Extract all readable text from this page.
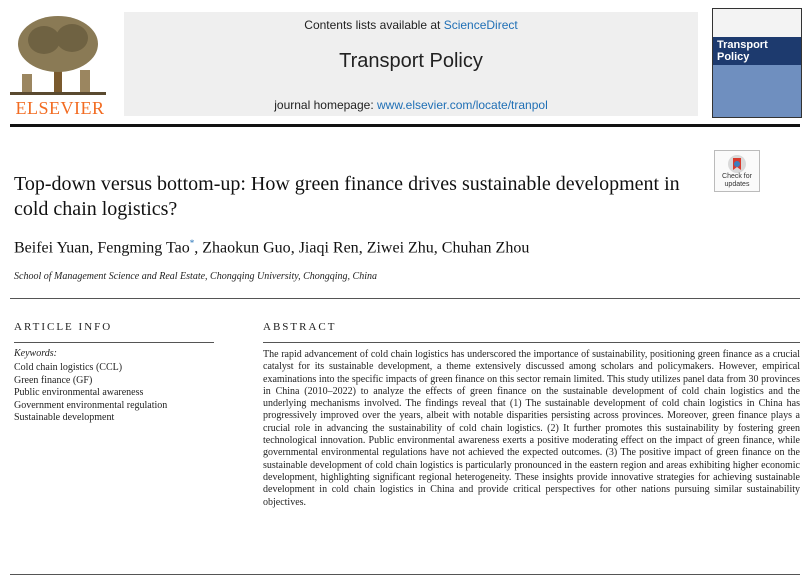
ELSEVIER
Contents lists available at ScienceDirect
Transport Policy
journal homepage: www.elsevier.com/locate/tranpol
Transport Policy
Check for updates
Top-down versus bottom-up: How green finance drives sustainable development in cold chain logistics?
Beifei Yuan, Fengming Tao*, Zhaokun Guo, Jiaqi Ren, Ziwei Zhu, Chuhan Zhou
School of Management Science and Real Estate, Chongqing University, Chongqing, China
ARTICLE INFO
Keywords:
Cold chain logistics (CCL)
Green finance (GF)
Public environmental awareness
Government environmental regulation
Sustainable development
ABSTRACT
The rapid advancement of cold chain logistics has underscored the importance of sustainability, positioning green finance as a crucial catalyst for its sustainable development, a theme extensively discussed among scholars and policymakers. However, empirical examinations into the specific impacts of green finance on this sector remain limited. This study utilizes panel data from 30 provinces in China (2010–2022) to analyze the effects of green finance on the sustainable development of cold chain logistics and the underlying mechanisms involved. The findings reveal that (1) The sustainable development of cold chain logistics in China has progressively improved over the years, albeit with notable disparities persisting across provinces. Moreover, green finance plays a crucial role in advancing the sustainability of cold chain logistics. (2) It further promotes this sustainability by fostering green technological innovation. Public environmental awareness exerts a positive moderating effect on the impact of green finance, while governmental environmental regulations have not achieved the expected outcomes. (3) The positive impact of green finance on the sustainable development of cold chain logistics is particularly pronounced in the eastern region and areas exhibiting higher economic development, highlighting significant regional heterogeneity. These insights provide innovative strategies for achieving sustainable development in cold chain logistics in China and provide critical perspectives for other nations pursuing similar sustainability objectives.
